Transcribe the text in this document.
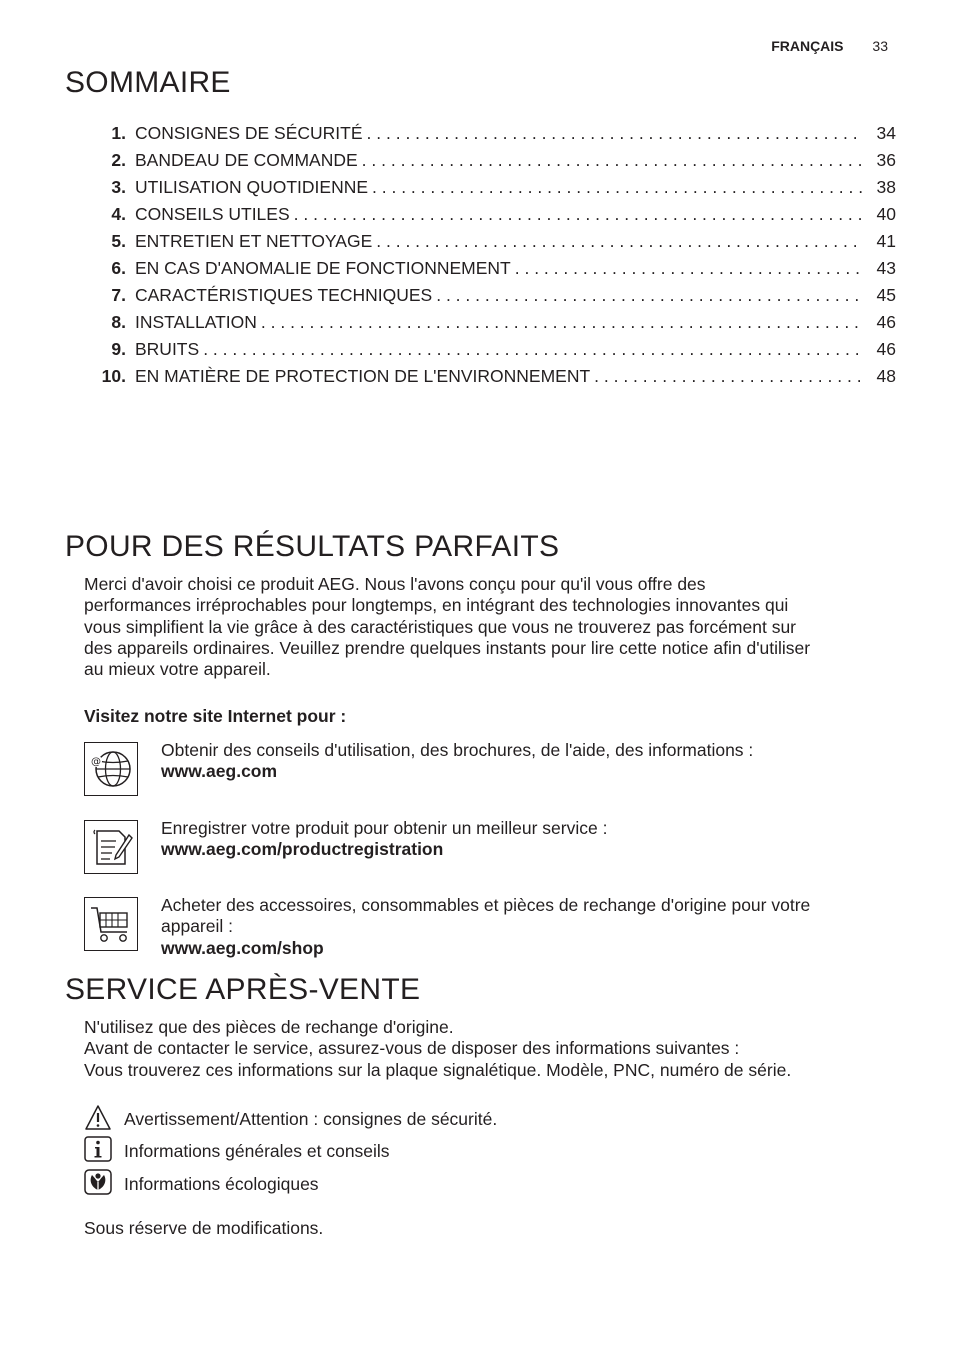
FRANÇAIS 33
SOMMAIRE
1. CONSIGNES DE SÉCURITÉ . . .	34
2. BANDEAU DE COMMANDE . . .	36
3. UTILISATION QUOTIDIENNE . . .	38
4. CONSEILS UTILES . . .	40
5. ENTRETIEN ET NETTOYAGE . . .	41
6. EN CAS D'ANOMALIE DE FONCTIONNEMENT . . .	43
7. CARACTÉRISTIQUES TECHNIQUES . . .	45
8. INSTALLATION . . .	46
9. BRUITS . . .	46
10. EN MATIÈRE DE PROTECTION DE L'ENVIRONNEMENT . . .	48
POUR DES RÉSULTATS PARFAITS
Merci d'avoir choisi ce produit AEG. Nous l'avons conçu pour qu'il vous offre des
performances irréprochables pour longtemps, en intégrant des technologies innovantes qui
vous simplifient la vie grâce à des caractéristiques que vous ne trouverez pas forcément sur
des appareils ordinaires. Veuillez prendre quelques instants pour lire cette notice afin d'utiliser
au mieux votre appareil.
Visitez notre site Internet pour :
@
Obtenir des conseils d'utilisation, des brochures, de l'aide, des informations :
www.aeg.com
Enregistrer votre produit pour obtenir un meilleur service :
www.aeg.com/productregistration
Acheter des accessoires, consommables et pièces de rechange d'origine pour votre
appareil :
www.aeg.com/shop
SERVICE APRÈS-VENTE
N'utilisez que des pièces de rechange d'origine.
Avant de contacter le service, assurez-vous de disposer des informations suivantes :
Vous trouverez ces informations sur la plaque signalétique. Modèle, PNC, numéro de série.
Avertissement/Attention : consignes de sécurité.
Informations générales et conseils
Informations écologiques
Sous réserve de modifications.
